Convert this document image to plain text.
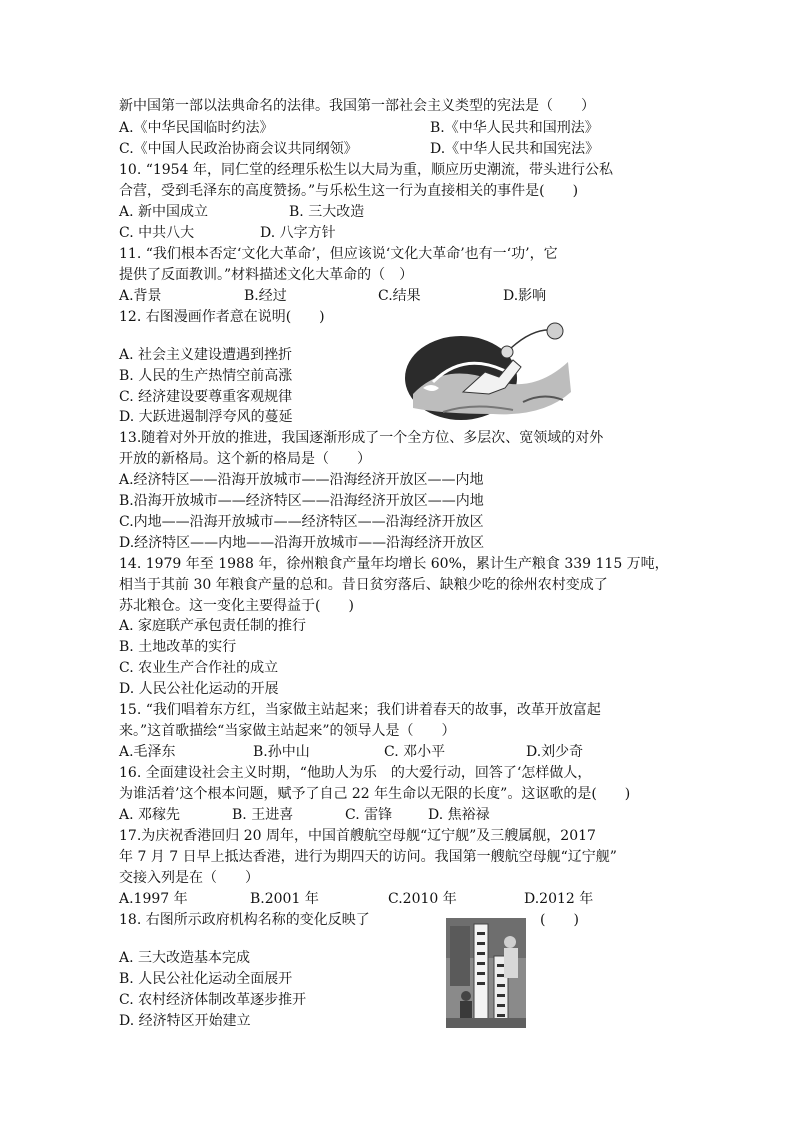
新中国第一部以法典命名的法律。我国第一部社会主义类型的宪法是（　　）
A.《中华民国临时约法》	B.《中华人民共和国刑法》
C.《中国人民政治协商会议共同纲领》	D.《中华人民共和国宪法》
10. “1954 年，同仁堂的经理乐松生以大局为重，顺应历史潮流，带头进行公私
合营，受到毛泽东的高度赞扬。”与乐松生这一行为直接相关的事件是(　　)
A. 新中国成立	B. 三大改造
C. 中共八大	D. 八字方针
11. “我们根本否定‘文化大革命’，但应该说‘文化大革命’也有一‘功’，它
提供了反面教训。”材料描述文化大革命的（　）
A.背景	B.经过	C.结果	D.影响
12. 右图漫画作者意在说明(　　)
A. 社会主义建设遭遇到挫折
B. 人民的生产热情空前高涨
C. 经济建设要尊重客观规律
D. 大跃进遏制浮夸风的蔓延
13.随着对外开放的推进，我国逐渐形成了一个全方位、多层次、宽领域的对外
开放的新格局。这个新的格局是（　　）
A.经济特区——沿海开放城市——沿海经济开放区——内地
B.沿海开放城市——经济特区——沿海经济开放区——内地
C.内地——沿海开放城市——经济特区——沿海经济开放区
D.经济特区——内地——沿海开放城市——沿海经济开放区
14. 1979 年至 1988 年，徐州粮食产量年均增长 60%，累计生产粮食 339 115 万吨，
相当于其前 30 年粮食产量的总和。昔日贫穷落后、缺粮少吃的徐州农村变成了
苏北粮仓。这一变化主要得益于(　　)
A. 家庭联产承包责任制的推行
B. 土地改革的实行
C. 农业生产合作社的成立
D. 人民公社化运动的开展
15. “我们唱着东方红，当家做主站起来；我们讲着春天的故事，改革开放富起
来。”这首歌描绘“当家做主站起来”的领导人是（　　）
A.毛泽东	B.孙中山	C. 邓小平	D.刘少奇
16. 全面建设社会主义时期，“他助人为乐　的大爱行动，回答了‘怎样做人，
为谁活着’这个根本问题，赋予了自己 22 年生命以无限的长度”。这讴歌的是(　　)
A. 邓稼先	B. 王进喜	C. 雷锋	D. 焦裕禄
17.为庆祝香港回归 20 周年，中国首艘航空母舰“辽宁舰”及三艘属舰，2017
年 7 月 7 日早上抵达香港，进行为期四天的访问。我国第一艘航空母舰“辽宁舰”
交接入列是在（　　）
A.1997 年	B.2001 年	C.2010 年	D.2012 年
18. 右图所示政府机构名称的变化反映了	(　　)
A. 三大改造基本完成
B. 人民公社化运动全面展开
C. 农村经济体制改革逐步推开
D. 经济特区开始建立
